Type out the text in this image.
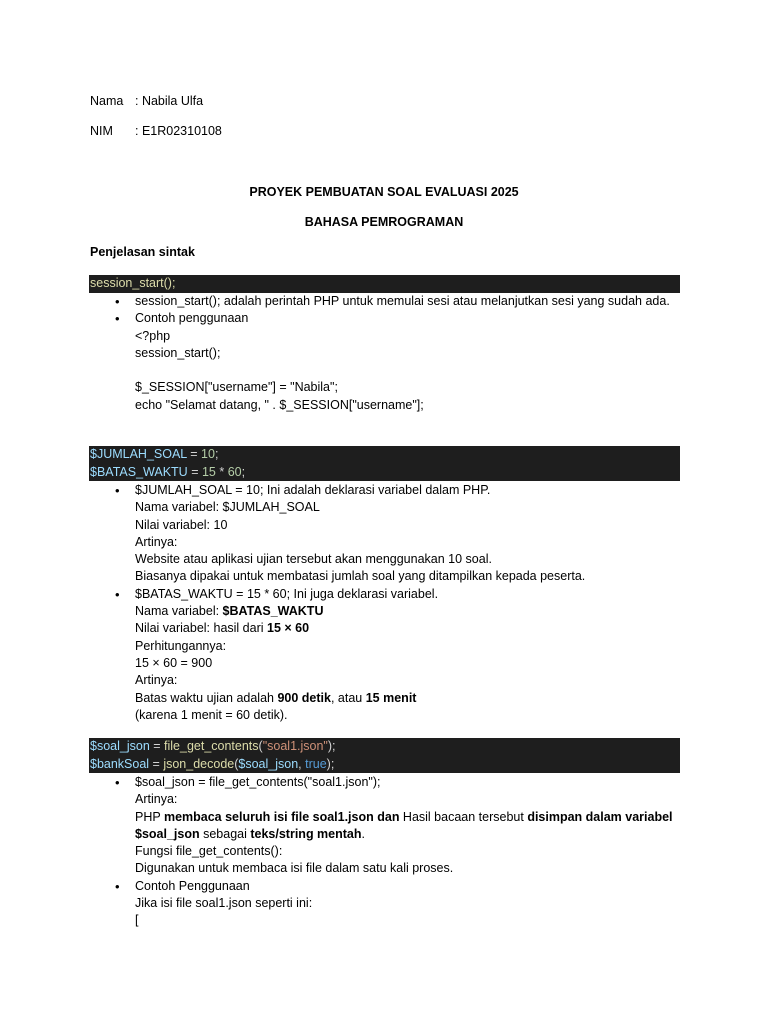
Nama : Nabila Ulfa
NIM : E1R02310108
PROYEK PEMBUATAN SOAL EVALUASI 2025
BAHASA PEMROGRAMAN
Penjelasan sintak
session_start();
• session_start(); adalah perintah PHP untuk memulai sesi atau melanjutkan sesi yang sudah ada.
• Contoh penggunaan
<?php
session_start();
$_SESSION["username"] = "Nabila";
echo "Selamat datang, " . $_SESSION["username"];
$JUMLAH_SOAL = 10;
$BATAS_WAKTU = 15 * 60;
• $JUMLAH_SOAL = 10; Ini adalah deklarasi variabel dalam PHP.
Nama variabel: $JUMLAH_SOAL
Nilai variabel: 10
Artinya:
Website atau aplikasi ujian tersebut akan menggunakan 10 soal.
Biasanya dipakai untuk membatasi jumlah soal yang ditampilkan kepada peserta.
• $BATAS_WAKTU = 15 * 60; Ini juga deklarasi variabel.
Nama variabel: $BATAS_WAKTU
Nilai variabel: hasil dari 15 × 60
Perhitungannya:
15 × 60 = 900
Artinya:
Batas waktu ujian adalah 900 detik, atau 15 menit
(karena 1 menit = 60 detik).
$soal_json = file_get_contents("soal1.json");
$bankSoal = json_decode($soal_json, true);
• $soal_json = file_get_contents("soal1.json");
Artinya:
PHP membaca seluruh isi file soal1.json dan Hasil bacaan tersebut disimpan dalam variabel
$soal_json sebagai teks/string mentah.
Fungsi file_get_contents():
Digunakan untuk membaca isi file dalam satu kali proses.
• Contoh Penggunaan
Jika isi file soal1.json seperti ini:
[
